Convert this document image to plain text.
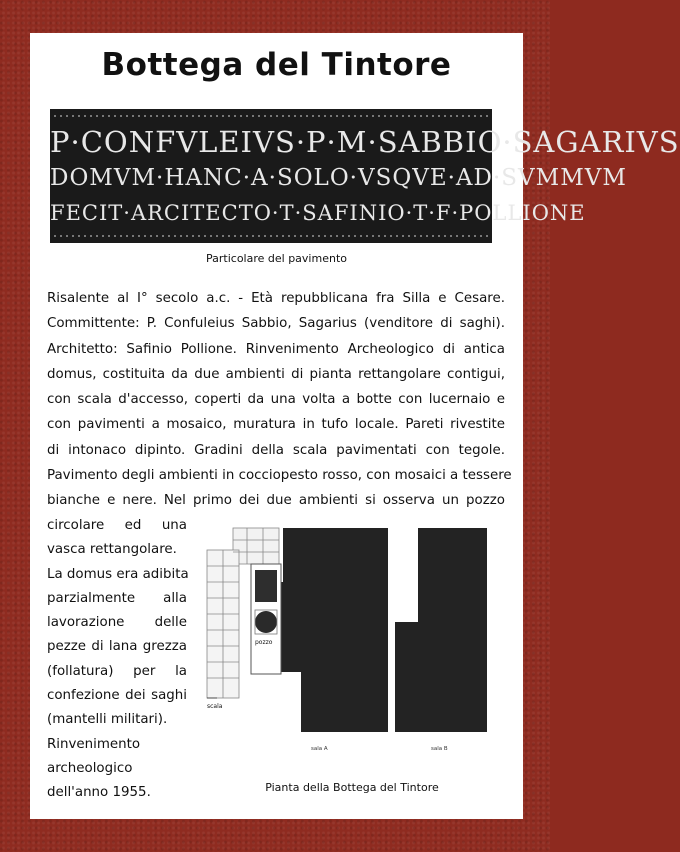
Bottega del Tintore
P·CONFVLEIVS·P·M·SABBIO·SAGARIVS
DOMVM·HANC·A·SOLO·VSQVE·AD·SVMMVM
FECIT·ARCITECTO·T·SAFINIO·T·F·POLLIONE
Particolare del pavimento
Risalente al I° secolo a.c. - Età repubblicana fra Silla e Cesare.
Committente: P. Confuleius Sabbio, Sagarius (venditore di saghi).
Architetto: Safinio Pollione. Rinvenimento Archeologico di antica
domus, costituita da due ambienti di pianta rettangolare contigui,
con scala d'accesso, coperti da una volta a botte con lucernaio e
con pavimenti a mosaico, muratura in tufo locale. Pareti rivestite
di intonaco dipinto. Gradini della scala pavimentati con tegole.
Pavimento degli ambienti in cocciopesto rosso, con mosaici a tessere
bianche e nere. Nel primo dei due ambienti si osserva un pozzo
circolare ed una
vasca rettangolare.
La domus era adibita
parzialmente alla
lavorazione delle
pezze di lana grezza
(follatura) per la
confezione dei saghi
(mantelli militari).
Rinvenimento
archeologico
dell'anno 1955.
pozzo
scala
sala A	sala B
Pianta della Bottega del Tintore
